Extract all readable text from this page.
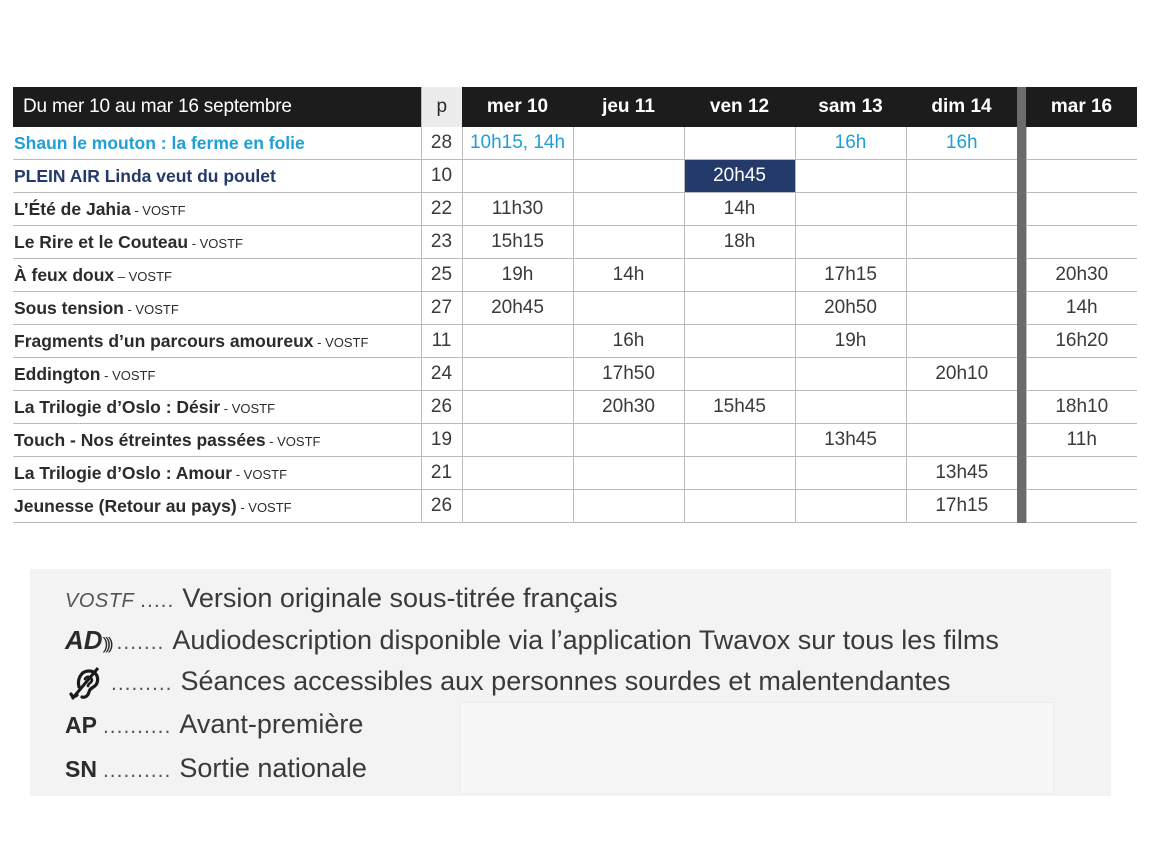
Du mer 10 au mar 16 septembre	p	mer 10	jeu 11	ven 12	sam 13	dim 14		mar 16
Shaun le mouton : la ferme en folie	28	10h15, 14h			16h	16h		
PLEIN AIR Linda veut du poulet	10			20h45				
L’Été de Jahia - VOSTF	22	11h30		14h				
Le Rire et le Couteau - VOSTF	23	15h15		18h				
À feux doux – VOSTF	25	19h	14h		17h15			20h30
Sous tension - VOSTF	27	20h45			20h50			14h
Fragments d’un parcours amoureux - VOSTF	11		16h		19h			16h20
Eddington - VOSTF	24		17h50			20h10		
La Trilogie d’Oslo : Désir - VOSTF	26		20h30	15h45				18h10
Touch - Nos étreintes passées - VOSTF	19				13h45			11h
La Trilogie d’Oslo : Amour - VOSTF	21					13h45		
Jeunesse (Retour au pays) - VOSTF	26					17h15		
VOSTF ..... Version originale sous-titrée français
AD))) ....... Audiodescription disponible via l’application Twavox sur tous les films
......... Séances accessibles aux personnes sourdes et malentendantes
AP .......... Avant-première
SN .......... Sortie nationale
